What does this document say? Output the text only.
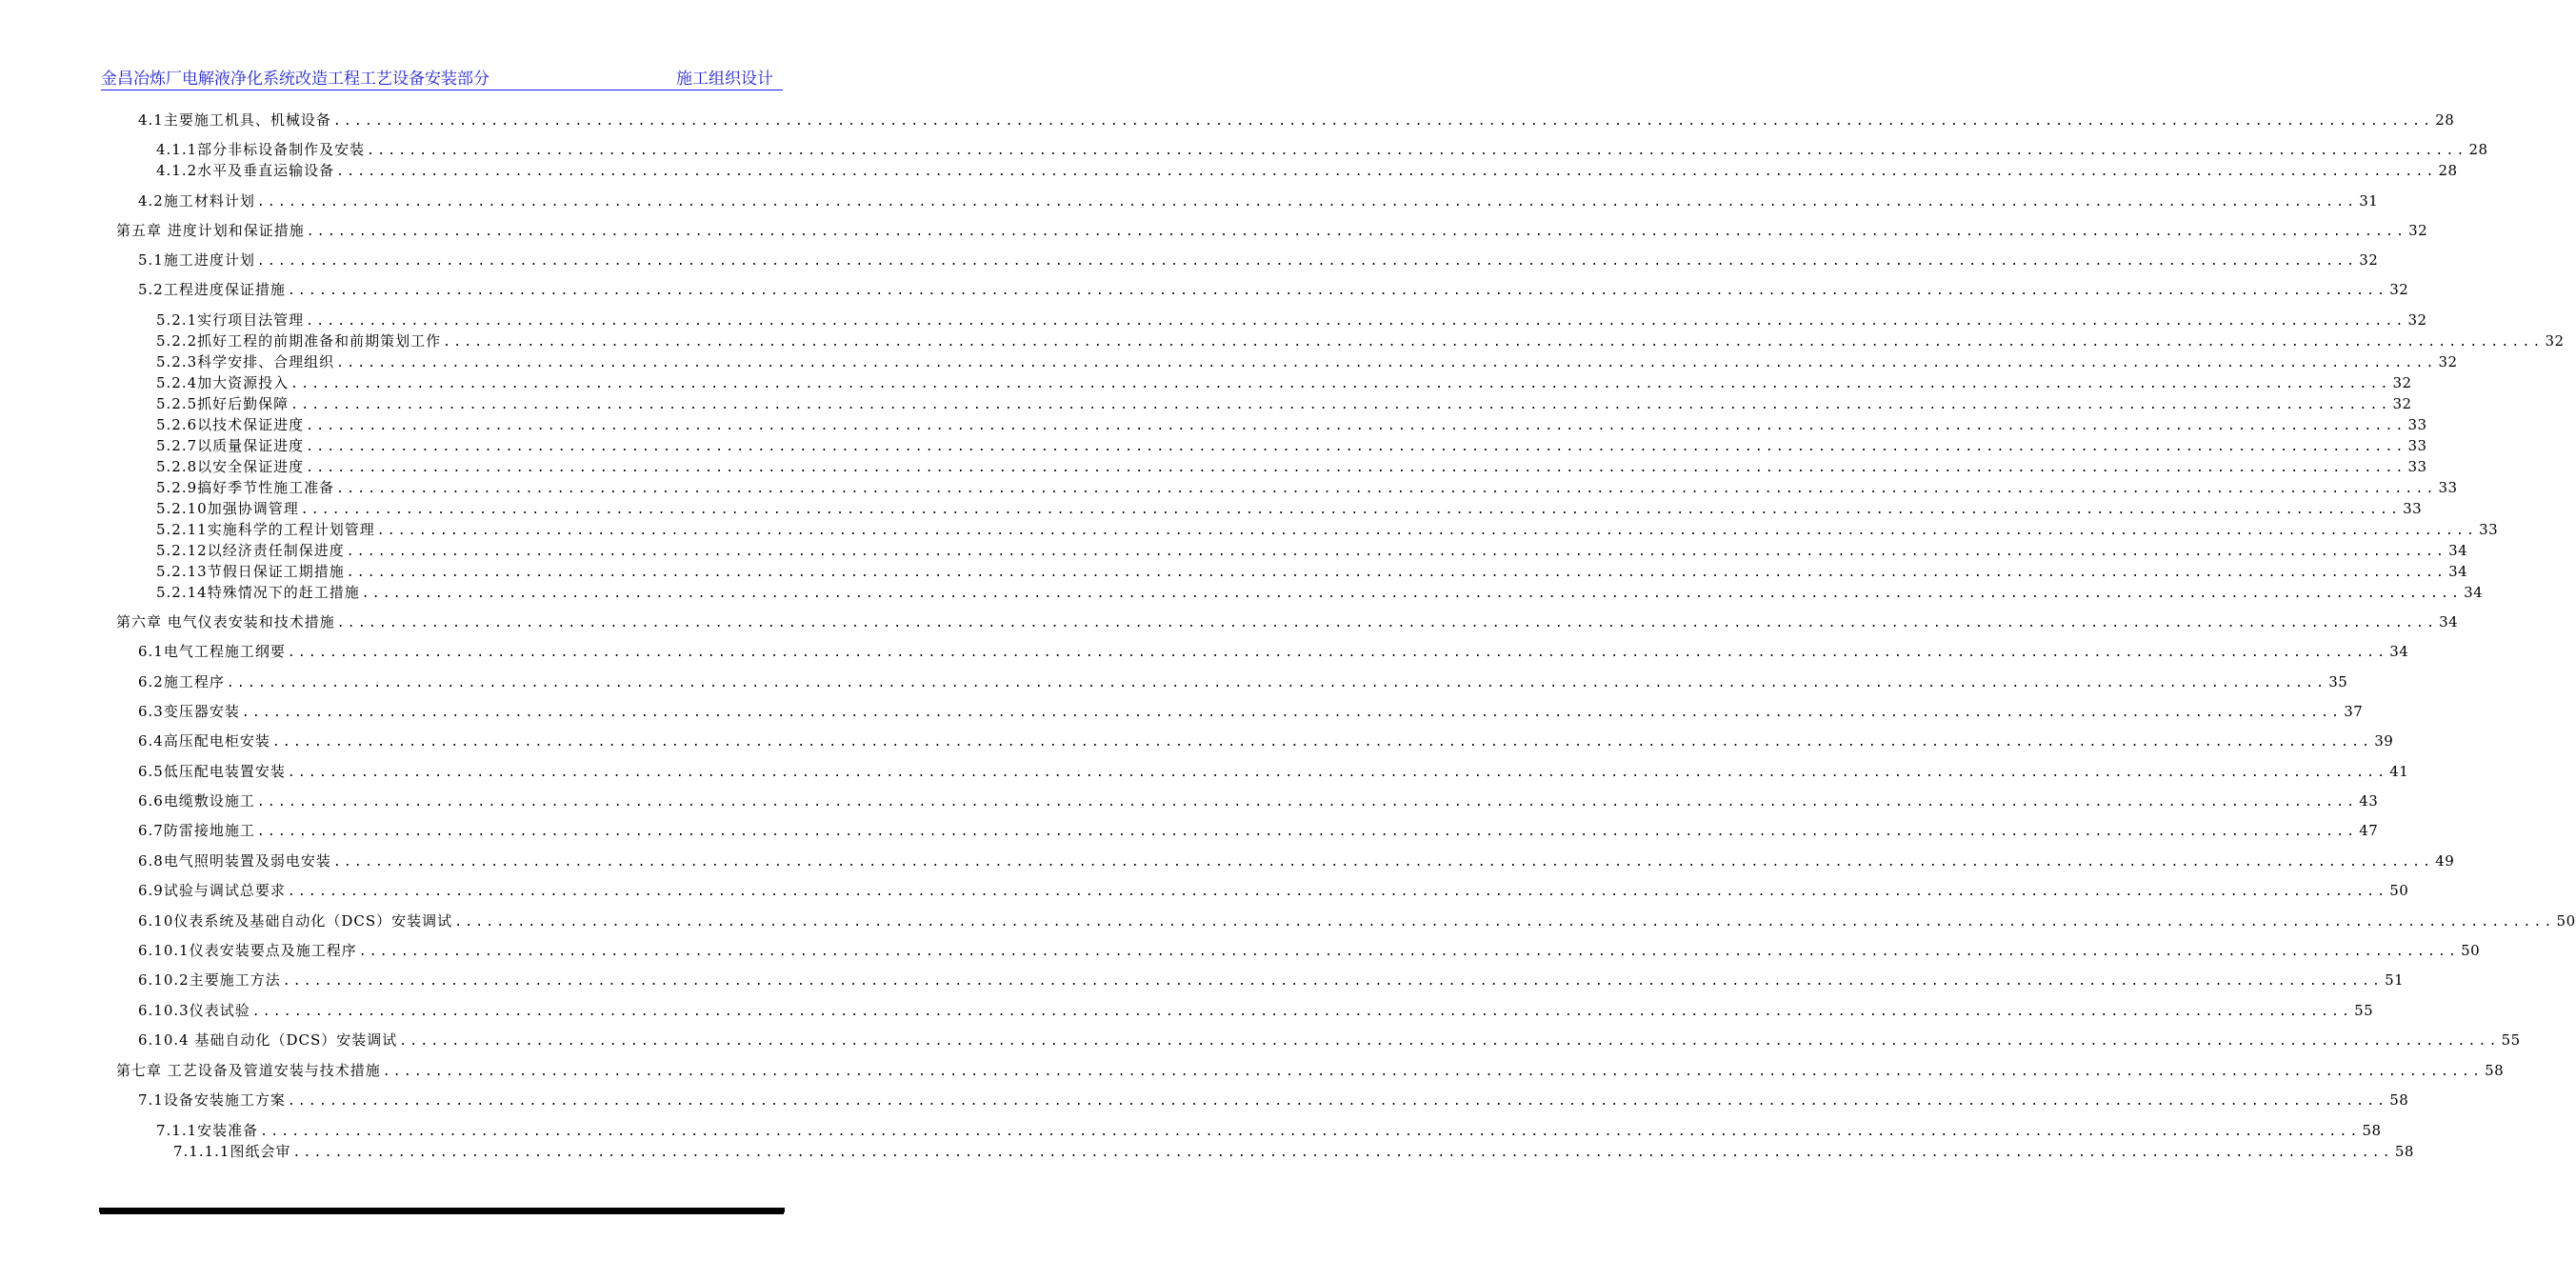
金昌冶炼厂电解液净化系统改造工程工艺设备安装部分	施工组织设计
4.1主要施工机具、机械设备 ........................................................................................................................................................................................................ 28
4.1.1部分非标设备制作及安装 ........................................................................................................................................................................................................ 28
4.1.2水平及垂直运输设备 ........................................................................................................................................................................................................ 28
4.2施工材料计划 ........................................................................................................................................................................................................ 31
第五章 进度计划和保证措施 ........................................................................................................................................................................................................ 32
5.1施工进度计划 ........................................................................................................................................................................................................ 32
5.2工程进度保证措施 ........................................................................................................................................................................................................ 32
5.2.1实行项目法管理 ........................................................................................................................................................................................................ 32
5.2.2抓好工程的前期准备和前期策划工作 ........................................................................................................................................................................................................ 32
5.2.3科学安排、合理组织 ........................................................................................................................................................................................................ 32
5.2.4加大资源投入 ........................................................................................................................................................................................................ 32
5.2.5抓好后勤保障 ........................................................................................................................................................................................................ 32
5.2.6以技术保证进度 ........................................................................................................................................................................................................ 33
5.2.7以质量保证进度 ........................................................................................................................................................................................................ 33
5.2.8以安全保证进度 ........................................................................................................................................................................................................ 33
5.2.9搞好季节性施工准备 ........................................................................................................................................................................................................ 33
5.2.10加强协调管理 ........................................................................................................................................................................................................ 33
5.2.11实施科学的工程计划管理 ........................................................................................................................................................................................................ 33
5.2.12以经济责任制保进度 ........................................................................................................................................................................................................ 34
5.2.13节假日保证工期措施 ........................................................................................................................................................................................................ 34
5.2.14特殊情况下的赶工措施 ........................................................................................................................................................................................................ 34
第六章 电气仪表安装和技术措施 ........................................................................................................................................................................................................ 34
6.1电气工程施工纲要 ........................................................................................................................................................................................................ 34
6.2施工程序 ........................................................................................................................................................................................................ 35
6.3变压器安装 ........................................................................................................................................................................................................ 37
6.4高压配电柜安装 ........................................................................................................................................................................................................ 39
6.5低压配电装置安装 ........................................................................................................................................................................................................ 41
6.6电缆敷设施工 ........................................................................................................................................................................................................ 43
6.7防雷接地施工 ........................................................................................................................................................................................................ 47
6.8电气照明装置及弱电安装 ........................................................................................................................................................................................................ 49
6.9试验与调试总要求 ........................................................................................................................................................................................................ 50
6.10仪表系统及基础自动化（DCS）安装调试 ........................................................................................................................................................................................................ 50
6.10.1仪表安装要点及施工程序 ........................................................................................................................................................................................................ 50
6.10.2主要施工方法 ........................................................................................................................................................................................................ 51
6.10.3仪表试验 ........................................................................................................................................................................................................ 55
6.10.4 基础自动化（DCS）安装调试 ........................................................................................................................................................................................................ 55
第七章 工艺设备及管道安装与技术措施 ........................................................................................................................................................................................................ 58
7.1设备安装施工方案 ........................................................................................................................................................................................................ 58
7.1.1安装准备 ........................................................................................................................................................................................................ 58
7.1.1.1图纸会审 ........................................................................................................................................................................................................ 58
